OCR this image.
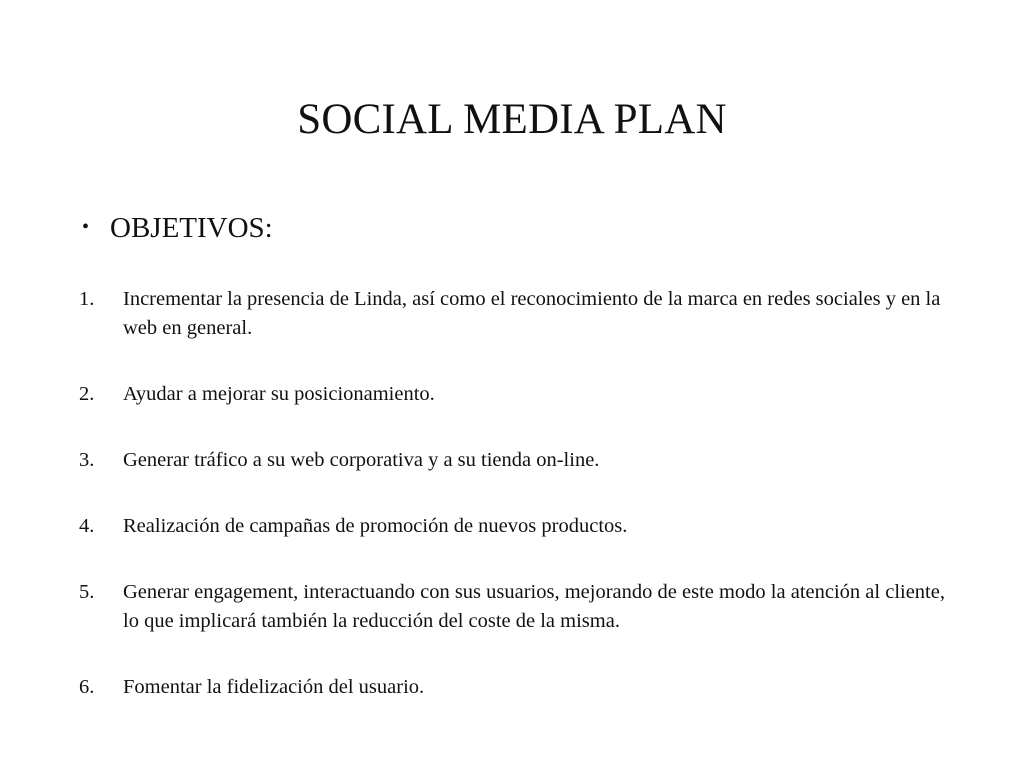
SOCIAL MEDIA PLAN
• OBJETIVOS:
1. Incrementar la presencia de Linda, así como el reconocimiento de la marca en redes sociales y en la web en general.
2. Ayudar a mejorar su posicionamiento.
3. Generar tráfico a su web corporativa y a su tienda on-line.
4. Realización de campañas de promoción de nuevos productos.
5. Generar engagement, interactuando con sus usuarios, mejorando de este modo la atención al cliente, lo que implicará también la reducción del coste de la misma.
6. Fomentar la fidelización del usuario.
